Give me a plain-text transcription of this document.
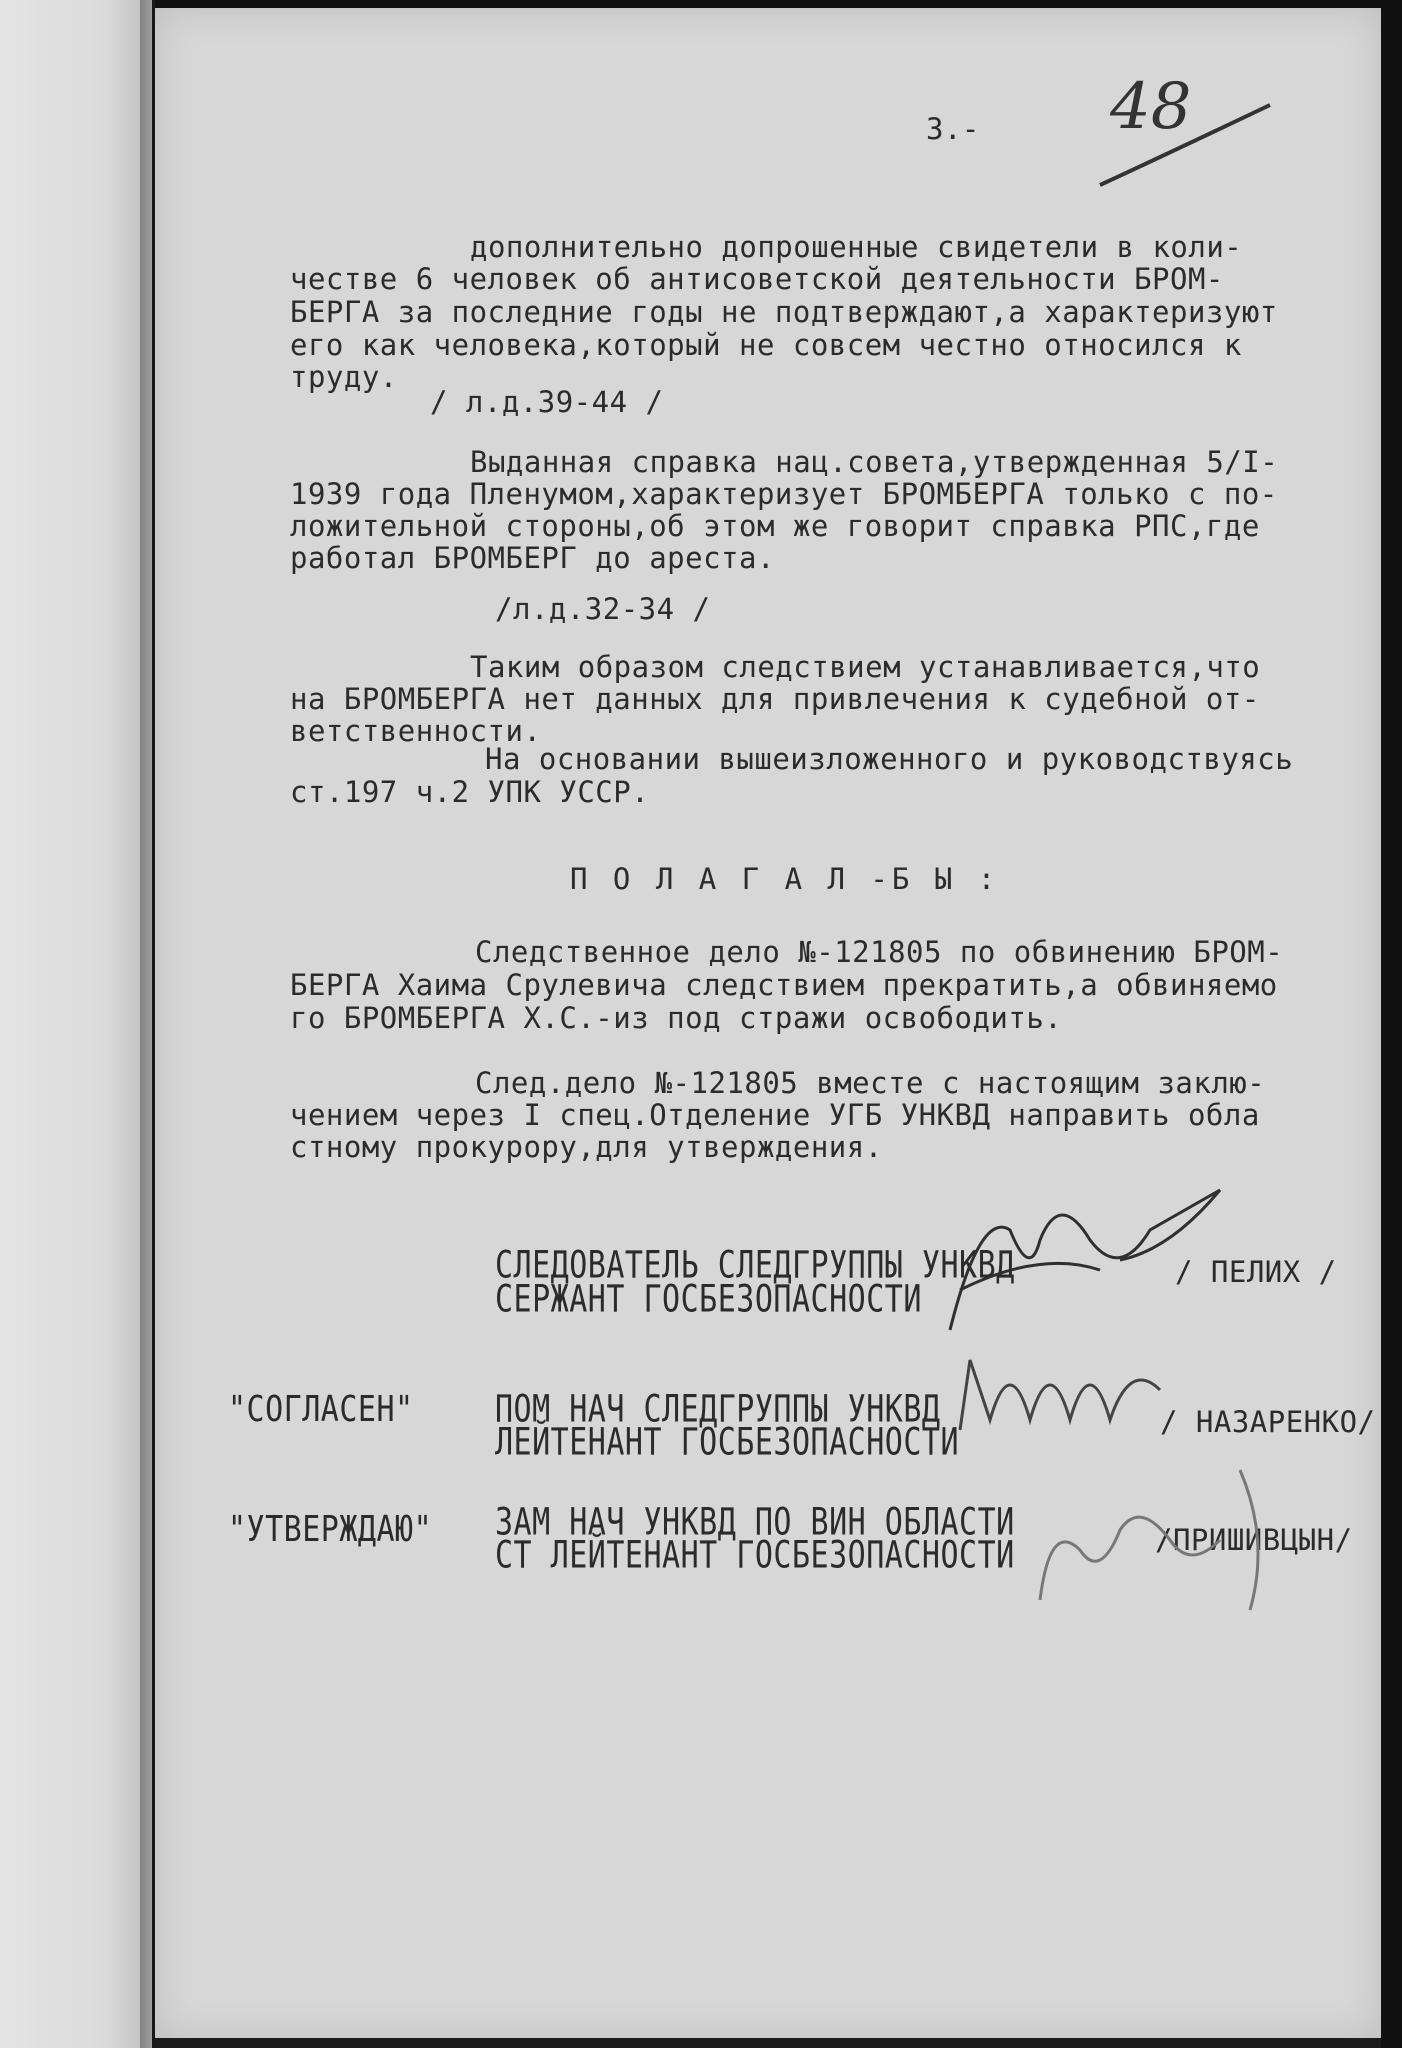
3.- 48
дополнительно допрошенные свидетели в коли-
честве 6 человек об антисоветской деятельности БРОМ-
БЕРГА за последние годы не подтверждают,а характеризуют
его как человека,который не совсем честно относился к
труду.
/ л.д.39-44 /
Выданная справка нац.совета,утвержденная 5/I-
1939 года Пленумом,характеризует БРОМБЕРГА только с по-
ложительной стороны,об этом же говорит справка РПС,где
работал БРОМБЕРГ до ареста.
/л.д.32-34 /
Таким образом следствием устанавливается,что
на БРОМБЕРГА нет данных для привлечения к судебной от-
ветственности.
На основании вышеизложенного и руководствуясь
ст.197 ч.2 УПК УССР.
П О Л А Г А Л -Б Ы :
Следственное дело №-121805 по обвинению БРОМ-
БЕРГА Хаима Срулевича следствием прекратить,а обвиняемо
го БРОМБЕРГА Х.С.-из под стражи освободить.
След.дело №-121805 вместе с настоящим заклю-
чением через I спец.Отделение УГБ УНКВД направить обла
стному прокурору,для утверждения.
СЛЕДОВАТЕЛЬ СЛЕДГРУППЫ УНКВД
СЕРЖАНТ ГОСБЕЗОПАСНОСТИ
/ ПЕЛИХ /
"СОГЛАСЕН"	ПОМ НАЧ СЛЕДГРУППЫ УНКВД
ЛЕЙТЕНАНТ ГОСБЕЗОПАСНОСТИ	/ НАЗАРЕНКО/
"УТВЕРЖДАЮ" ЗАМ НАЧ УНКВД ПО ВИН ОБЛАСТИ
СТ ЛЕЙТЕНАНТ ГОСБЕЗОПАСНОСТИ	/ПРИШИВЦЫН/
